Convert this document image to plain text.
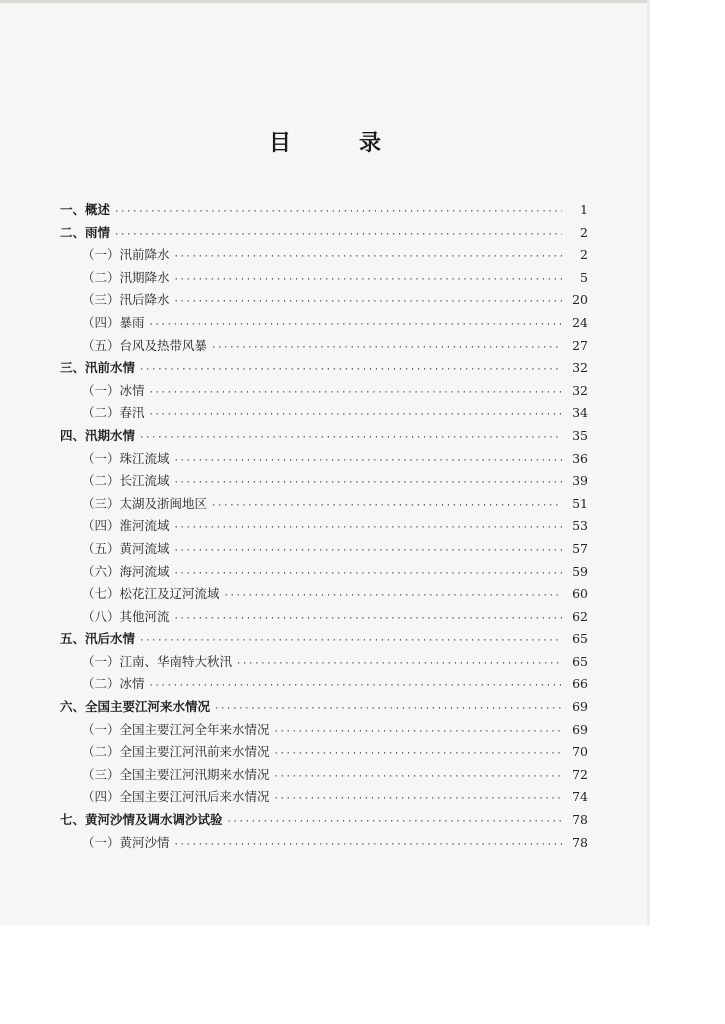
目	录
一、概述 ·····	1
二、雨情 ·····	2
（一）汛前降水 ·····	2
（二）汛期降水 ·····	5
（三）汛后降水 ·····	20
（四）暴雨 ·····	24
（五）台风及热带风暴 ·····	27
三、汛前水情 ·····	32
（一）冰情 ·····	32
（二）春汛 ·····	34
四、汛期水情 ·····	35
（一）珠江流域 ·····	36
（二）长江流域 ·····	39
（三）太湖及浙闽地区 ·····	51
（四）淮河流域 ·····	53
（五）黄河流域 ·····	57
（六）海河流域 ·····	59
（七）松花江及辽河流域 ·····	60
（八）其他河流 ·····	62
五、汛后水情 ·····	65
（一）江南、华南特大秋汛 ·····	65
（二）冰情 ·····	66
六、全国主要江河来水情况 ·····	69
（一）全国主要江河全年来水情况 ·····	69
（二）全国主要江河汛前来水情况 ·····	70
（三）全国主要江河汛期来水情况 ·····	72
（四）全国主要江河汛后来水情况 ·····	74
七、黄河沙情及调水调沙试验 ·····	78
（一）黄河沙情 ·····	78
